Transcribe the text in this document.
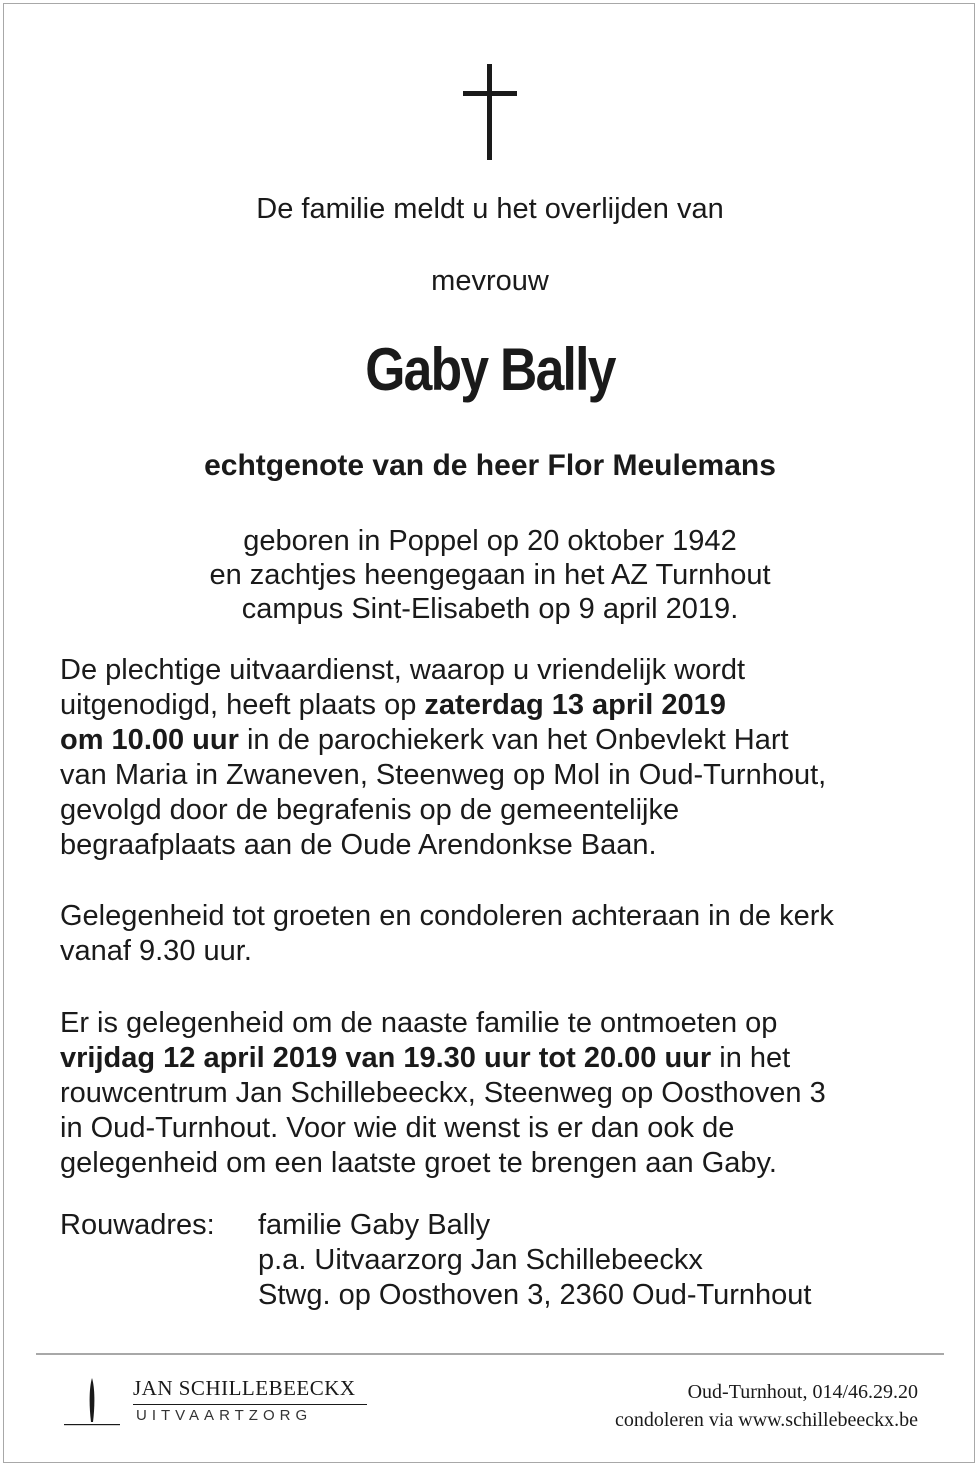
De familie meldt u het overlijden van
mevrouw
Gaby Bally
echtgenote van de heer Flor Meulemans
geboren in Poppel op 20 oktober 1942
en zachtjes heengegaan in het AZ Turnhout
campus Sint-Elisabeth op 9 april 2019.
De plechtige uitvaardienst, waarop u vriendelijk wordt
uitgenodigd, heeft plaats op zaterdag 13 april 2019
om 10.00 uur in de parochiekerk van het Onbevlekt Hart
van Maria in Zwaneven, Steenweg op Mol in Oud-Turnhout,
gevolgd door de begrafenis op de gemeentelijke
begraafplaats aan de Oude Arendonkse Baan.
Gelegenheid tot groeten en condoleren achteraan in de kerk
vanaf 9.30 uur.
Er is gelegenheid om de naaste familie te ontmoeten op
vrijdag 12 april 2019 van 19.30 uur tot 20.00 uur in het
rouwcentrum Jan Schillebeeckx, Steenweg op Oosthoven 3
in Oud-Turnhout. Voor wie dit wenst is er dan ook de
gelegenheid om een laatste groet te brengen aan Gaby.
Rouwadres: familie Gaby Bally
p.a. Uitvaarzorg Jan Schillebeeckx
Stwg. op Oosthoven 3, 2360 Oud-Turnhout
JAN SCHILLEBEECKX
UITVAARTZORG
Oud-Turnhout, 014/46.29.20
condoleren via www.schillebeeckx.be
